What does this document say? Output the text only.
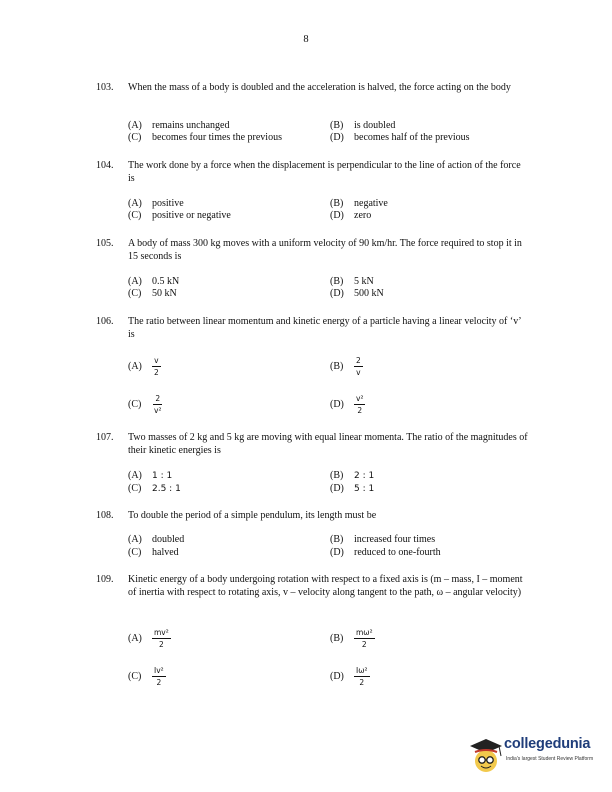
8
103. When the mass of a body is doubled and the acceleration is halved, the force acting on the body
(A) remains unchanged	(B) is doubled
(C) becomes four times the previous	(D) becomes half of the previous
104. The work done by a force when the displacement is perpendicular to the line of action of the force is
(A) positive	(B) negative
(C) positive or negative	(D) zero
105. A body of mass 300 kg moves with a uniform velocity of 90 km/hr. The force required to stop it in 15 seconds is
(A) 0.5 kN	(B) 5 kN
(C) 50 kN	(D) 500 kN
106. The ratio between linear momentum and kinetic energy of a particle having a linear velocity of ‘v’ is
$(A) \frac{v}{2}$	$(B) \frac{2}{v}$
$(C) \frac{2}{\text{v²}}$	$(D) \frac{\text{v²}}{2}$
107. Two masses of 2 kg and 5 kg are moving with equal linear momenta. The ratio of the magnitudes of their kinetic energies is
(A) 1 : 1	(B) 2 : 1
(C) 2.5 : 1	(D) 5 : 1
108. To double the period of a simple pendulum, its length must be
(A) doubled	(B) increased four times
(C) halved	(D) reduced to one-fourth
109. Kinetic energy of a body undergoing rotation with respect to a fixed axis is (m – mass, I – moment of inertia with respect to rotating axis, v – velocity along tangent to the path, ω – angular velocity)
$(A) \frac{\text{mv²}}{2}$	$(B) \frac{\text{mω²}}{2}$
$(C) \frac{\text{Iv²}}{2}$	$(D) \frac{\text{Iω²}}{2}$
collegedunia
India's largest Student Review Platform
